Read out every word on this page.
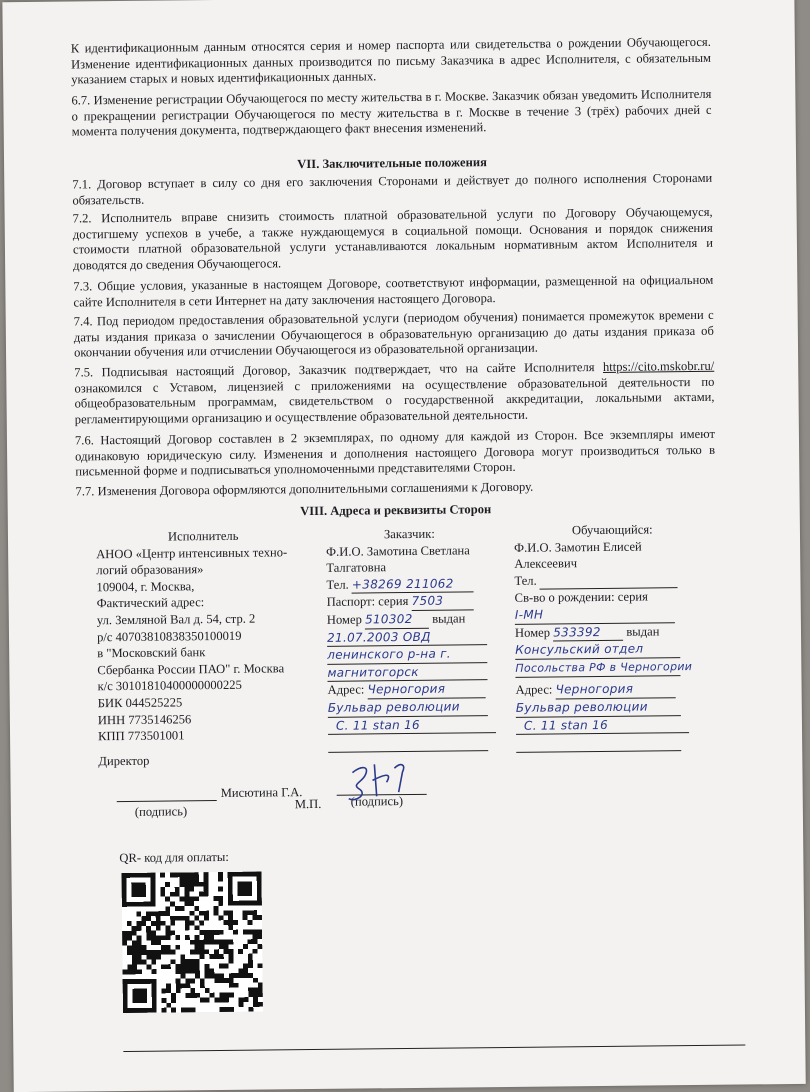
К идентификационным данным относятся серия и номер паспорта или свидетельства о рождении Обучающегося. Изменение идентификационных данных производится по письму Заказчика в адрес Исполнителя, с обязательным указанием старых и новых идентификационных данных.

6.7. Изменение регистрации Обучающегося по месту жительства в г. Москве. Заказчик обязан уведомить Исполнителя о прекращении регистрации Обучающегося по месту жительства в г. Москве в течение 3 (трёх) рабочих дней с момента получения документа, подтверждающего факт внесения изменений.

VII. Заключительные положения

7.1. Договор вступает в силу со дня его заключения Сторонами и действует до полного исполнения Сторонами обязательств.

7.2. Исполнитель вправе снизить стоимость платной образовательной услуги по Договору Обучающемуся, достигшему успехов в учебе, а также нуждающемуся в социальной помощи. Основания и порядок снижения стоимости платной образовательной услуги устанавливаются локальным нормативным актом Исполнителя и доводятся до сведения Обучающегося.

7.3. Общие условия, указанные в настоящем Договоре, соответствуют информации, размещенной на официальном сайте Исполнителя в сети Интернет на дату заключения настоящего Договора.

7.4. Под периодом предоставления образовательной услуги (периодом обучения) понимается промежуток времени с даты издания приказа о зачислении Обучающегося в образовательную организацию до даты издания приказа об окончании обучения или отчислении Обучающегося из образовательной организации.

7.5. Подписывая настоящий Договор, Заказчик подтверждает, что на сайте Исполнителя https://cito.mskobr.ru/ ознакомился с Уставом, лицензией с приложениями на осуществление образовательной деятельности по общеобразовательным программам, свидетельством о государственной аккредитации, локальными актами, регламентирующими организацию и осуществление образовательной деятельности.

7.6. Настоящий Договор составлен в 2 экземплярах, по одному для каждой из Сторон. Все экземпляры имеют одинаковую юридическую силу. Изменения и дополнения настоящего Договора могут производиться только в письменной форме и подписываться уполномоченными представителями Сторон.

7.7. Изменения Договора оформляются дополнительными соглашениями к Договору.

VIII. Адреса и реквизиты Сторон

Исполнитель
АНОО «Центр интенсивных техно-
логий образования»
109004, г. Москва,
Фактический адрес:
ул. Земляной Вал д. 54, стр. 2
р/с 40703810838350100019
в "Московский банк
Сбербанка России ПАО" г. Москва
к/с 30101810400000000225
БИК 044525225
ИНН 7735146256
КПП 773501001
Директор
Заказчик:
Ф.И.О. Замотина Светлана
Талгатовна
Тел. +38269 211062
Паспорт: серия 7503
Номер 510302 выдан
21.07.2003 ОВД
ленинского р-на г.
магнитогорск
Адрес: Черногория
Бульвар революции
С. 11 stan 16

Обучающийся:
Ф.И.О. Замотин Елисей
Алексеевич
Тел.
Св-во о рождении: серия
I-MH
Номер 533392 выдан
Консульский отдел
Посольства РФ в Черногории
Адрес: Черногория
Бульвар революции
С. 11 stan 16

Мисютина Г.А.
(подпись)
М.П. (подпись)
QR- код для оплаты:
